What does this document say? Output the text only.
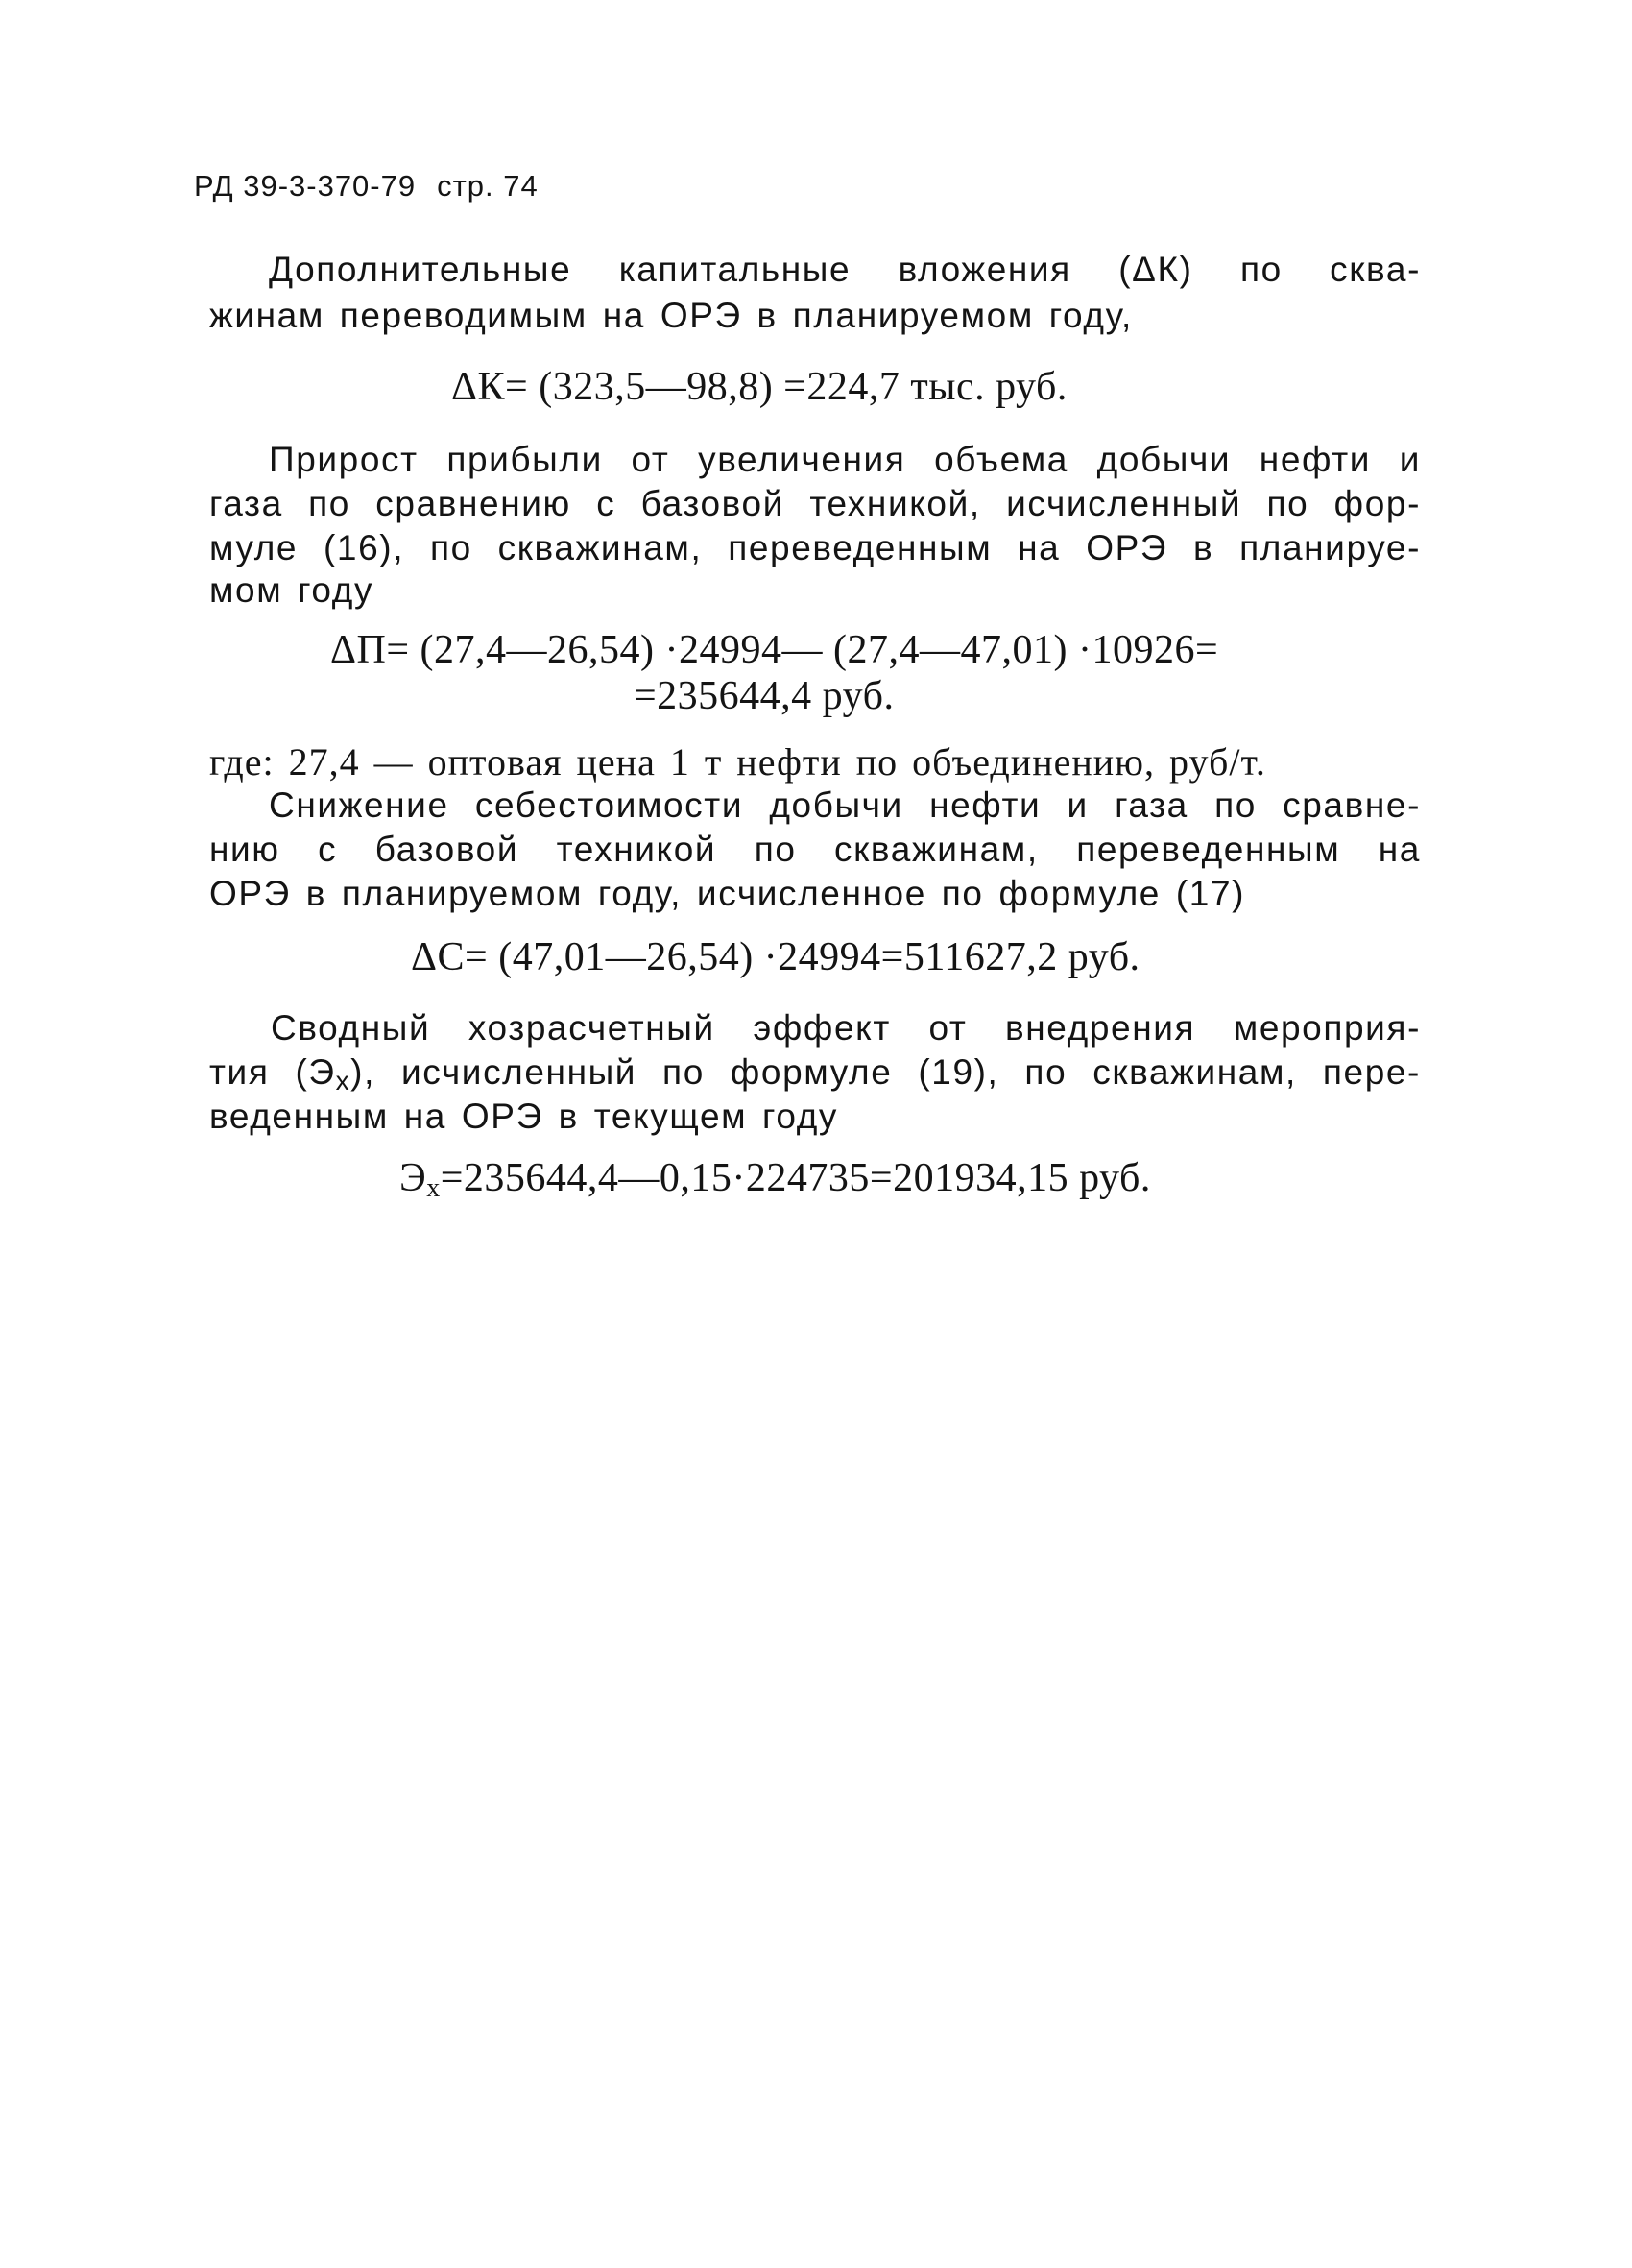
РД 39-3-370-79 стр. 74
Дополнительные капитальные вложения (ΔК) по сква-
жинам переводимым на ОРЭ в планируемом году,
ΔК= (323,5—98,8) =224,7 тыс. руб.
Прирост прибыли от увеличения объема добычи нефти и
газа по сравнению с базовой техникой, исчисленный по фор-
муле (16), по скважинам, переведенным на ОРЭ в планируе-
мом году
ΔП= (27,4—26,54) ·24994— (27,4—47,01) ·10926=
=235644,4 руб.
где: 27,4 — оптовая цена 1 т нефти по объединению, руб/т.
Снижение себестоимости добычи нефти и газа по сравне-
нию с базовой техникой по скважинам, переведенным на
ОРЭ в планируемом году, исчисленное по формуле (17)
ΔС= (47,01—26,54) ·24994=511627,2 руб.
Сводный хозрасчетный эффект от внедрения мероприя-
тия $(Э_х)$, исчисленный по формуле (19), по скважинам, пере-
веденным на ОРЭ в текущем году
$Э_х=235644,4—0,15\cdot 224735=201934,15$ руб.
